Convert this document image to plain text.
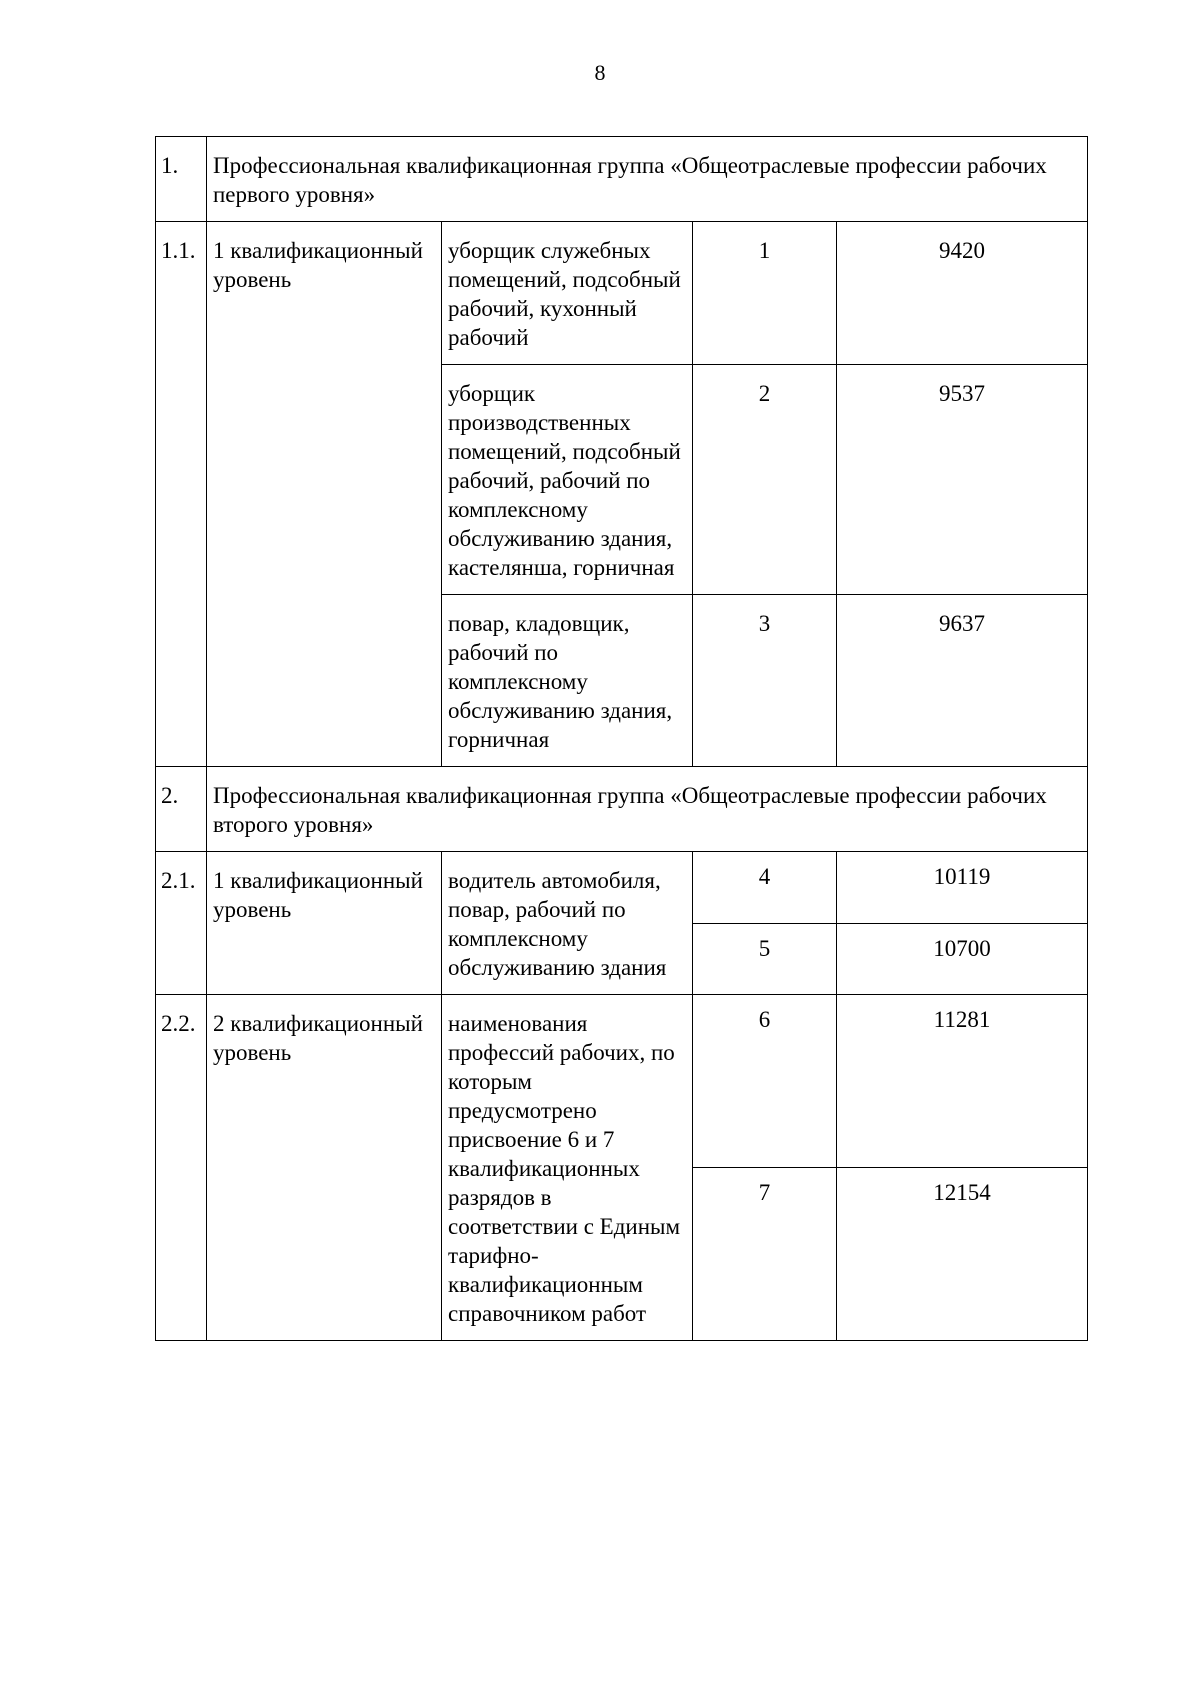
8
1.	Профессиональная квалификационная группа «Общеотраслевые профессии рабочих первого уровня»			
1.1.	1 квалификационный уровень	уборщик служебных помещений, подсобный рабочий, кухонный рабочий	1	9420
		уборщик производственных помещений, подсобный рабочий, рабочий по комплексному обслуживанию здания, кастелянша, горничная	2	9537
		повар, кладовщик, рабочий по комплексному обслуживанию здания, горничная	3	9637
2.	Профессиональная квалификационная группа «Общеотраслевые профессии рабочих второго уровня»			
2.1.	1 квалификационный уровень	водитель автомобиля, повар, рабочий по комплексному обслуживанию здания	4	10119
			5	10700
2.2.	2 квалификационный уровень	наименования профессий рабочих, по которым предусмотрено присвоение 6 и 7 квалификационных разрядов в соответствии с Единым тарифно-квалификационным справочником работ	6	11281
			7	12154
